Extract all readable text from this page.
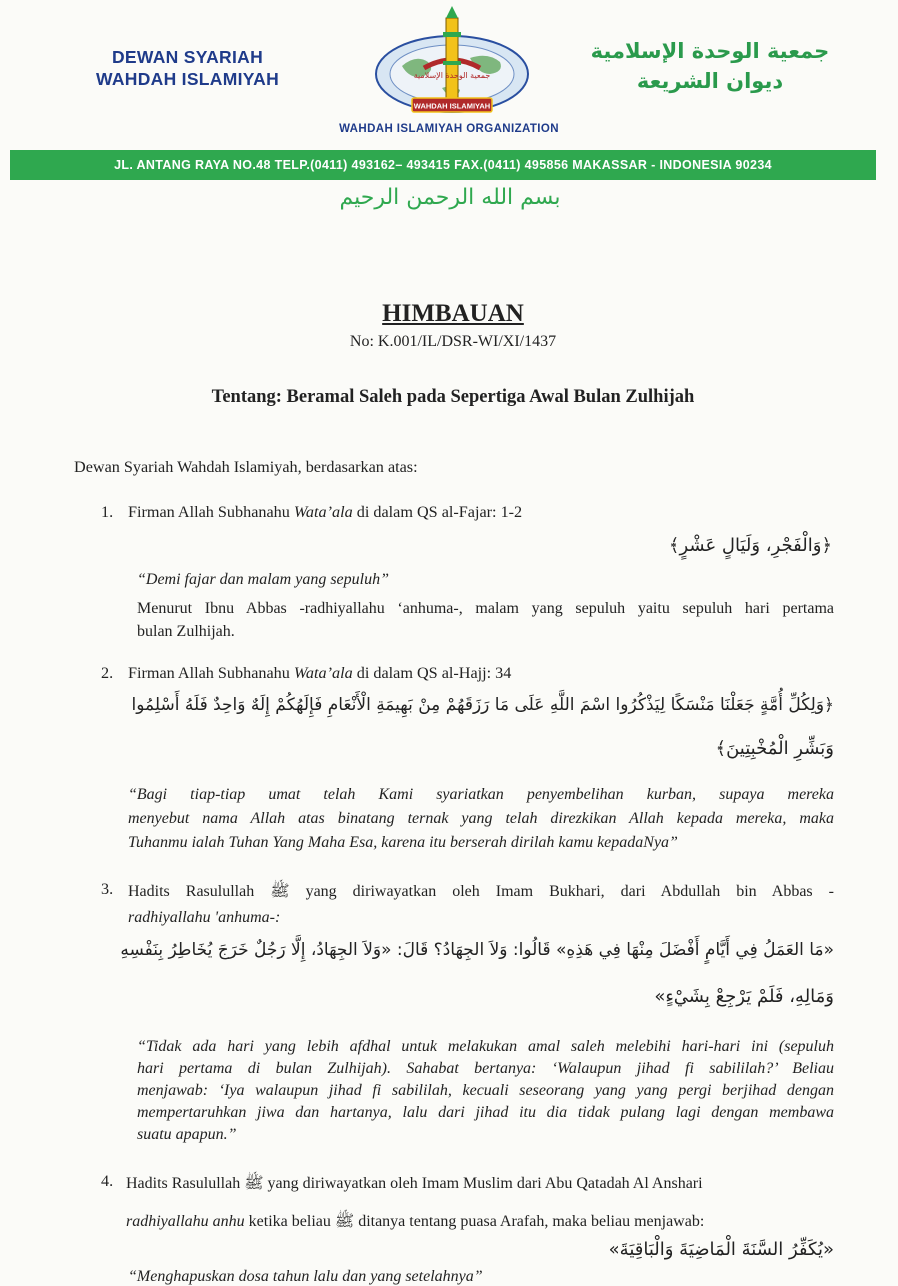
DEWAN SYARIAH
WAHDAH ISLAMIYAH
WAHDAH ISLAMIYAH
جمعية الوحدة الإسلامية
جمعية الوحدة الإسلامية
ديوان الشريعة
WAHDAH ISLAMIYAH ORGANIZATION
JL. ANTANG RAYA NO.48 TELP.(0411) 493162– 493415 FAX.(0411) 495856 MAKASSAR - INDONESIA 90234
بسم الله الرحمن الرحيم
HIMBAUAN
No: K.001/IL/DSR-WI/XI/1437
Tentang: Beramal Saleh pada Sepertiga Awal Bulan Zulhijah
Dewan Syariah Wahdah Islamiyah, berdasarkan atas:
1. Firman Allah Subhanahu Wata’ala di dalam QS al-Fajar: 1-2
﴿وَالْفَجْرِ، وَلَيَالٍ عَشْرٍ﴾
“Demi fajar dan malam yang sepuluh”
Menurut Ibnu Abbas -radhiyallahu ‘anhuma-, malam yang sepuluh yaitu sepuluh hari pertama
bulan Zulhijah.
2. Firman Allah Subhanahu Wata’ala di dalam QS al-Hajj: 34
﴿وَلِكُلِّ أُمَّةٍ جَعَلْنَا مَنْسَكًا لِيَذْكُرُوا اسْمَ اللَّهِ عَلَى مَا رَزَقَهُمْ مِنْ بَهِيمَةِ الْأَنْعَامِ فَإِلَهُكُمْ إِلَهٌ وَاحِدٌ فَلَهُ أَسْلِمُوا
وَبَشِّرِ الْمُخْبِتِينَ﴾
“Bagi tiap-tiap umat telah Kami syariatkan penyembelihan kurban, supaya mereka
menyebut nama Allah atas binatang ternak yang telah direzkikan Allah kepada mereka, maka
Tuhanmu ialah Tuhan Yang Maha Esa, karena itu berserah dirilah kamu kepadaNya”
3. Hadits Rasulullah ﷺ yang diriwayatkan oleh Imam Bukhari, dari Abdullah bin Abbas -
radhiyallahu 'anhuma-:
«مَا العَمَلُ فِي أَيَّامٍ أَفْضَلَ مِنْهَا فِي هَذِهِ» قَالُوا: وَلاَ الجِهَادُ؟ قَالَ: «وَلاَ الجِهَادُ، إِلَّا رَجُلٌ خَرَجَ يُخَاطِرُ بِنَفْسِهِ
وَمَالِهِ، فَلَمْ يَرْجِعْ بِشَيْءٍ»
“Tidak ada hari yang lebih afdhal untuk melakukan amal saleh melebihi hari-hari ini (sepuluh
hari pertama di bulan Zulhijah). Sahabat bertanya: ‘Walaupun jihad fi sabililah?’ Beliau
menjawab: ‘Iya walaupun jihad fi sabililah, kecuali seseorang yang yang pergi berjihad dengan
mempertaruhkan jiwa dan hartanya, lalu dari jihad itu dia tidak pulang lagi dengan membawa
suatu apapun.”
4. Hadits Rasulullah ﷺ yang diriwayatkan oleh Imam Muslim dari Abu Qatadah Al Anshari
radhiyallahu anhu ketika beliau ﷺ ditanya tentang puasa Arafah, maka beliau menjawab:
«يُكَفِّرُ السَّنَةَ الْمَاضِيَةَ وَالْبَاقِيَةَ»
“Menghapuskan dosa tahun lalu dan yang setelahnya”
